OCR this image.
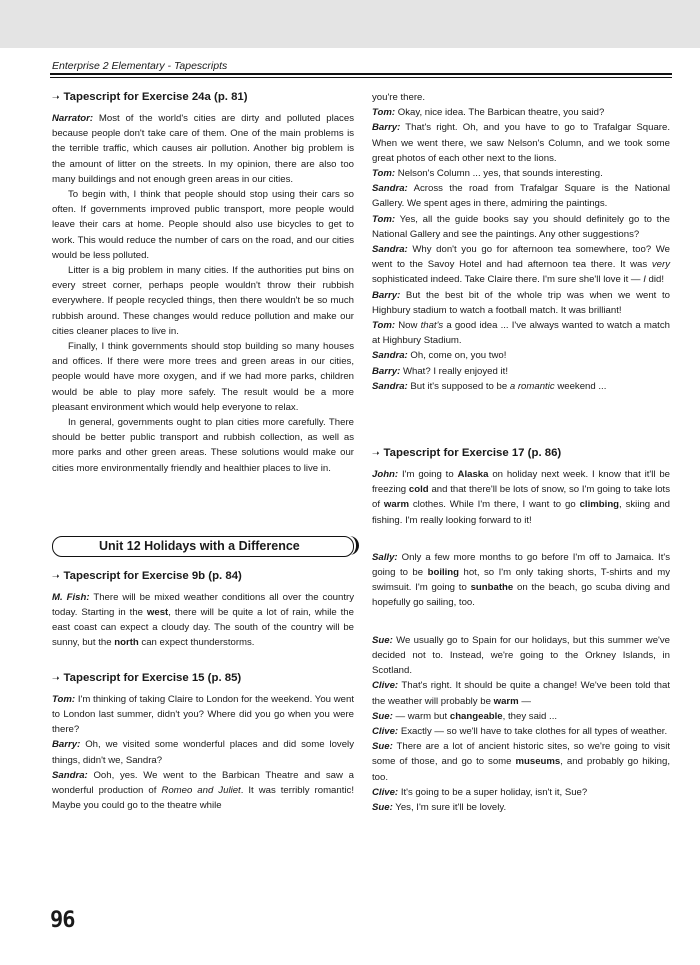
Enterprise 2 Elementary - Tapescripts
➝ Tapescript for Exercise 24a (p. 81)

Narrator: Most of the world's cities are dirty and polluted places because people don't take care of them. One of the main problems is the terrible traffic, which causes air pollution. Another big problem is the amount of litter on the streets. In my opinion, there are also too many buildings and not enough green areas in our cities.

To begin with, I think that people should stop using their cars so often. If governments improved public transport, more people would leave their cars at home. People should also use bicycles to get to work. This would reduce the number of cars on the road, and our cities would be less polluted.

Litter is a big problem in many cities. If the authorities put bins on every street corner, perhaps people wouldn't throw their rubbish everywhere. If people recycled things, then there wouldn't be so much rubbish around. These changes would reduce pollution and make our cities cleaner places to live in.

Finally, I think governments should stop building so many houses and offices. If there were more trees and green areas in our cities, people would have more oxygen, and if we had more parks, children would be able to play more safely. The result would be a more pleasant environment which would help everyone to relax.

In general, governments ought to plan cities more carefully. There should be better public transport and rubbish collection, as well as more parks and other green areas. These solutions would make our cities more environmentally friendly and healthier places to live in.

Unit 12 Holidays with a Difference
➝ Tapescript for Exercise 9b (p. 84)

M. Fish: There will be mixed weather conditions all over the country today. Starting in the west, there will be quite a lot of rain, while the east coast can expect a cloudy day. The south of the country will be sunny, but the north can expect thunderstorms.

➝ Tapescript for Exercise 15 (p. 85)

Tom: I'm thinking of taking Claire to London for the weekend. You went to London last summer, didn't you? Where did you go when you were there?

Barry: Oh, we visited some wonderful places and did some lovely things, didn't we, Sandra?

Sandra: Ooh, yes. We went to the Barbican Theatre and saw a wonderful production of Romeo and Juliet. It was terribly romantic! Maybe you could go to the theatre while

you're there.

Tom: Okay, nice idea. The Barbican theatre, you said?

Barry: That's right. Oh, and you have to go to Trafalgar Square. When we went there, we saw Nelson's Column, and we took some great photos of each other next to the lions.

Tom: Nelson's Column ... yes, that sounds interesting.

Sandra: Across the road from Trafalgar Square is the National Gallery. We spent ages in there, admiring the paintings.

Tom: Yes, all the guide books say you should definitely go to the National Gallery and see the paintings. Any other suggestions?

Sandra: Why don't you go for afternoon tea somewhere, too? We went to the Savoy Hotel and had afternoon tea there. It was very sophisticated indeed. Take Claire there. I'm sure she'll love it — I did!

Barry: But the best bit of the whole trip was when we went to Highbury stadium to watch a football match. It was brilliant!

Tom: Now that's a good idea ... I've always wanted to watch a match at Highbury Stadium.

Sandra: Oh, come on, you two!

Barry: What? I really enjoyed it!

Sandra: But it's supposed to be a romantic weekend ...

➝ Tapescript for Exercise 17 (p. 86)

John: I'm going to Alaska on holiday next week. I know that it'll be freezing cold and that there'll be lots of snow, so I'm going to take lots of warm clothes. While I'm there, I want to go climbing, skiing and fishing. I'm really looking forward to it!

Sally: Only a few more months to go before I'm off to Jamaica. It's going to be boiling hot, so I'm only taking shorts, T-shirts and my swimsuit. I'm going to sunbathe on the beach, go scuba diving and hopefully go sailing, too.

Sue: We usually go to Spain for our holidays, but this summer we've decided not to. Instead, we're going to the Orkney Islands, in Scotland.

Clive: That's right. It should be quite a change! We've been told that the weather will probably be warm —

Sue: — warm but changeable, they said ...

Clive: Exactly — so we'll have to take clothes for all types of weather.

Sue: There are a lot of ancient historic sites, so we're going to visit some of those, and go to some museums, and probably go hiking, too.

Clive: It's going to be a super holiday, isn't it, Sue?

Sue: Yes, I'm sure it'll be lovely.

96
